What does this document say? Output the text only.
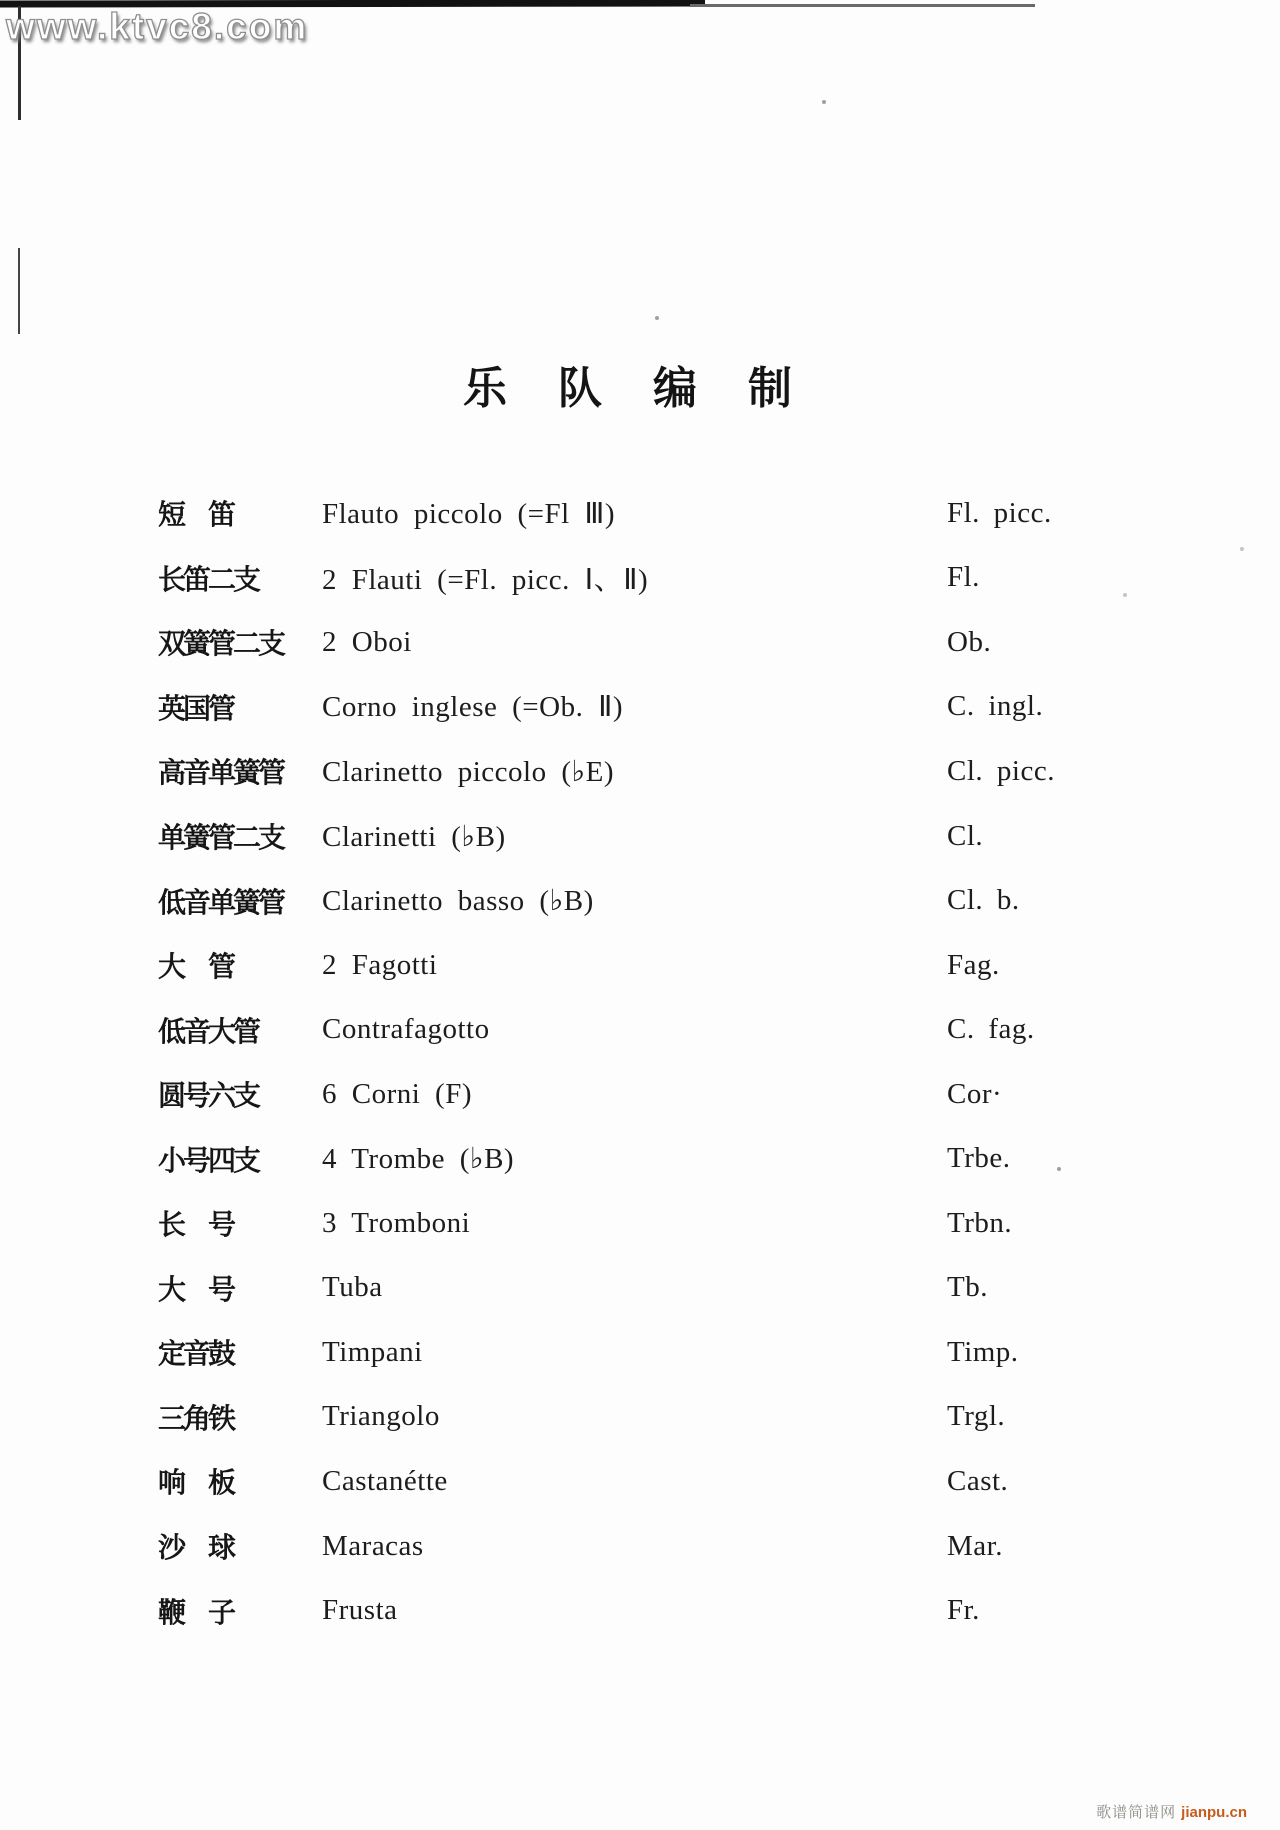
www.ktvc8.com
乐队编制
短　笛	Flauto piccolo (=Fl Ⅲ)	Fl. picc.
长笛二支	2 Flauti (=Fl. picc. Ⅰ、Ⅱ)	Fl.
双簧管二支	2 Oboi	Ob.
英国管	Corno inglese (=Ob. Ⅱ)	C. ingl.
高音单簧管	Clarinetto piccolo (♭E)	Cl. picc.
单簧管二支	Clarinetti (♭B)	Cl.
低音单簧管	Clarinetto basso (♭B)	Cl. b.
大　管	2 Fagotti	Fag.
低音大管	Contrafagotto	C. fag.
圆号六支	6 Corni (F)	Cor·
小号四支	4 Trombe (♭B)	Trbe.
长　号	3 Tromboni	Trbn.
大　号	Tuba	Tb.
定音鼓	Timpani	Timp.
三角铁	Triangolo	Trgl.
响　板	Castanétte	Cast.
沙　球	Maracas	Mar.
鞭　子	Frusta	Fr.
歌谱简谱网 jianpu.cn
